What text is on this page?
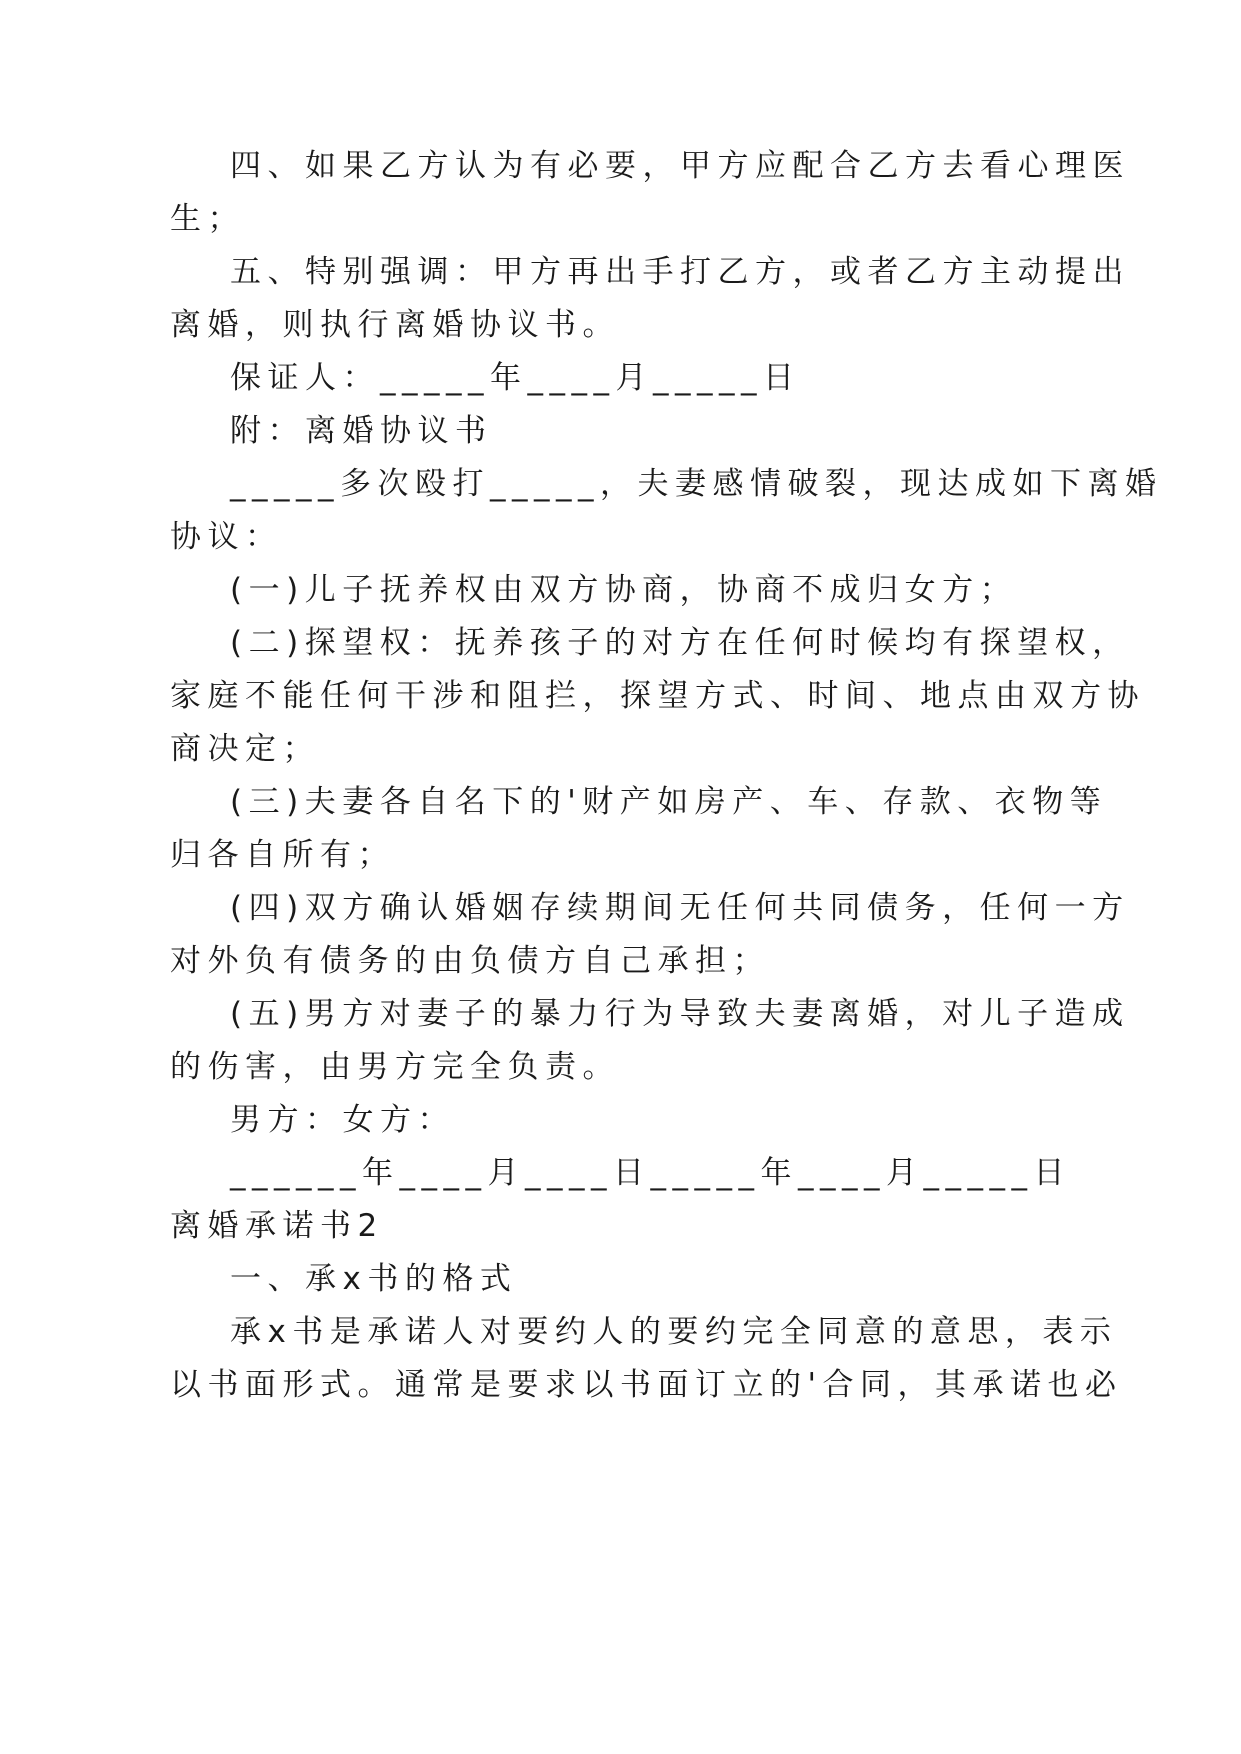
四、如果乙方认为有必要，甲方应配合乙方去看心理医
生；
五、特别强调：甲方再出手打乙方，或者乙方主动提出
离婚，则执行离婚协议书。
保证人：_____年____月_____日
附：离婚协议书
_____多次殴打_____，夫妻感情破裂，现达成如下离婚
协议：
(一)儿子抚养权由双方协商，协商不成归女方；
(二)探望权：抚养孩子的对方在任何时候均有探望权，
家庭不能任何干涉和阻拦，探望方式、时间、地点由双方协
商决定；
(三)夫妻各自名下的'财产如房产、车、存款、衣物等
归各自所有；
(四)双方确认婚姻存续期间无任何共同债务，任何一方
对外负有债务的由负债方自己承担；
(五)男方对妻子的暴力行为导致夫妻离婚，对儿子造成
的伤害，由男方完全负责。
男方：女方：
______年____月____日_____年____月_____日
离婚承诺书2
一、承x书的格式
承x书是承诺人对要约人的要约完全同意的意思，表示
以书面形式。通常是要求以书面订立的'合同，其承诺也必
